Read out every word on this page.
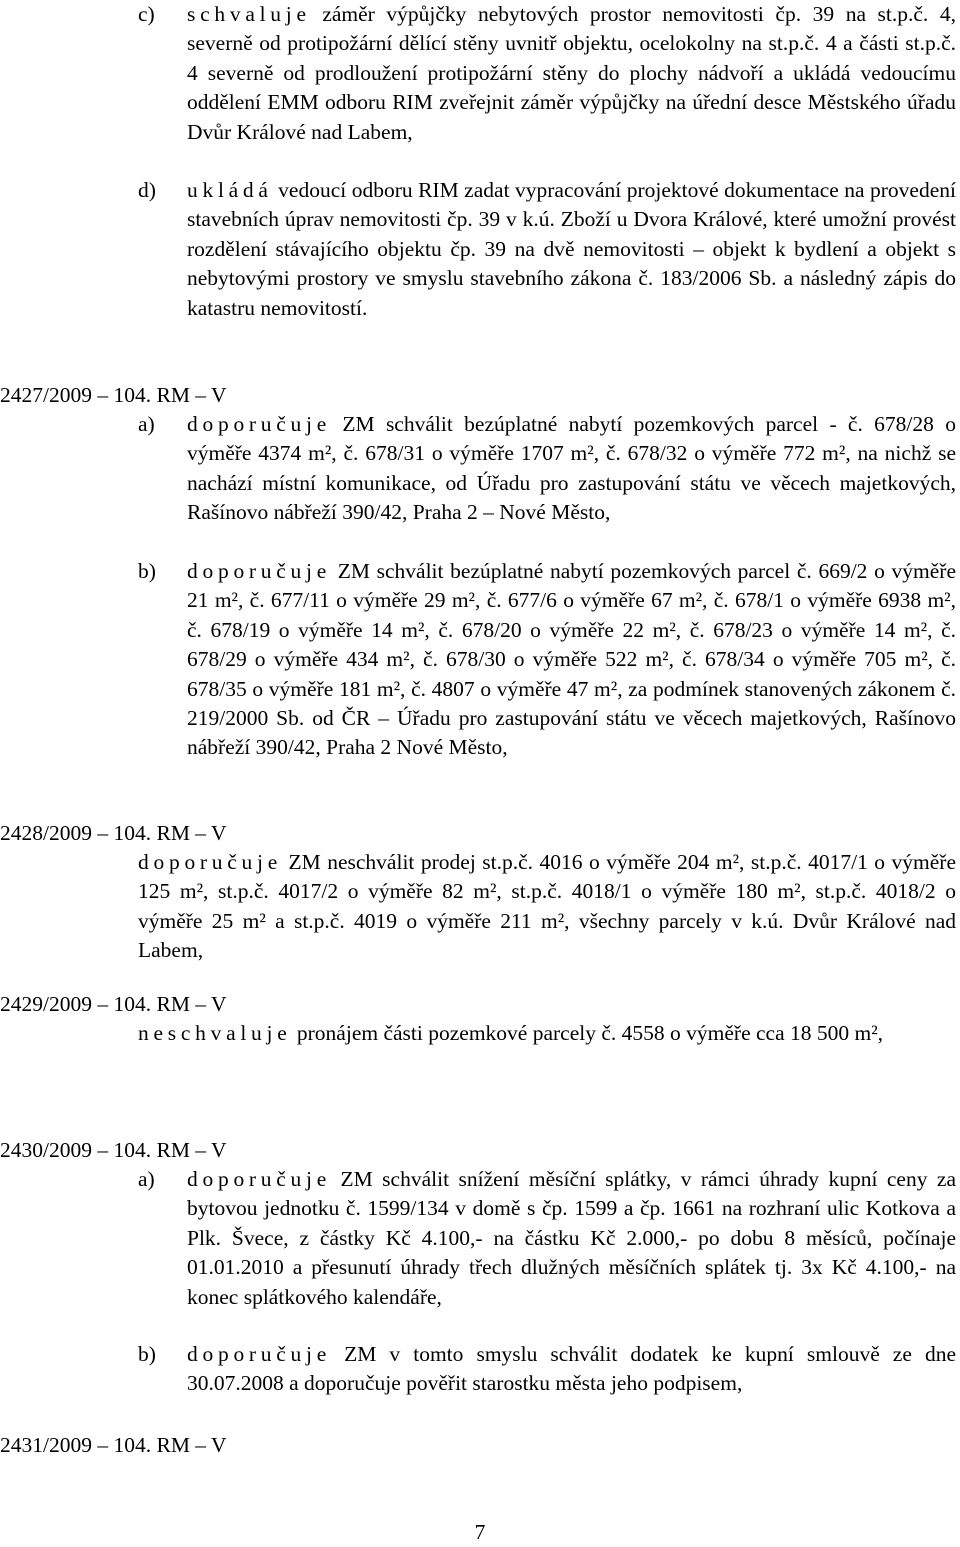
c) schvaluje záměr výpůjčky nebytových prostor nemovitosti čp. 39 na st.p.č. 4, severně od protipožární dělící stěny uvnitř objektu, ocelokolny na st.p.č. 4 a části st.p.č. 4 severně od prodloužení protipožární stěny do plochy nádvoří a ukládá vedoucímu oddělení EMM odboru RIM zveřejnit záměr výpůjčky na úřední desce Městského úřadu Dvůr Králové nad Labem,
d) ukládá vedoucí odboru RIM zadat vypracování projektové dokumentace na provedení stavebních úprav nemovitosti čp. 39 v k.ú. Zboží u Dvora Králové, které umožní provést rozdělení stávajícího objektu čp. 39 na dvě nemovitosti – objekt k bydlení a objekt s nebytovými prostory ve smyslu stavebního zákona č. 183/2006 Sb. a následný zápis do katastru nemovitostí.
2427/2009 – 104. RM – V
a) doporučuje ZM schválit bezúplatné nabytí pozemkových parcel - č. 678/28 o výměře 4374 m², č. 678/31 o výměře 1707 m², č. 678/32 o výměře 772 m², na nichž se nachází místní komunikace, od Úřadu pro zastupování státu ve věcech majetkových, Rašínovo nábřeží 390/42, Praha 2 – Nové Město,
b) doporučuje ZM schválit bezúplatné nabytí pozemkových parcel č. 669/2 o výměře 21 m², č. 677/11 o výměře 29 m², č. 677/6 o výměře 67 m², č. 678/1 o výměře 6938 m², č. 678/19 o výměře 14 m², č. 678/20 o výměře 22 m², č. 678/23 o výměře 14 m², č. 678/29 o výměře 434 m², č. 678/30 o výměře 522 m², č. 678/34 o výměře 705 m², č. 678/35 o výměře 181 m², č. 4807 o výměře 47 m², za podmínek stanovených zákonem č. 219/2000 Sb. od ČR – Úřadu pro zastupování státu ve věcech majetkových, Rašínovo nábřeží 390/42, Praha 2 Nové Město,
2428/2009 – 104. RM – V
doporučuje ZM neschválit prodej st.p.č. 4016 o výměře 204 m², st.p.č. 4017/1 o výměře 125 m², st.p.č. 4017/2 o výměře 82 m², st.p.č. 4018/1 o výměře 180 m², st.p.č. 4018/2 o výměře 25 m² a st.p.č. 4019 o výměře 211 m², všechny parcely v k.ú. Dvůr Králové nad Labem,
2429/2009 – 104. RM – V
neschvaluje pronájem části pozemkové parcely č. 4558 o výměře cca 18 500 m²,
2430/2009 – 104. RM – V
a) doporučuje ZM schválit snížení měsíční splátky, v rámci úhrady kupní ceny za bytovou jednotku č. 1599/134 v domě s čp. 1599 a čp. 1661 na rozhraní ulic Kotkova a Plk. Švece, z částky Kč 4.100,- na částku Kč 2.000,- po dobu 8 měsíců, počínaje 01.01.2010 a přesunutí úhrady třech dlužných měsíčních splátek tj. 3x Kč 4.100,- na konec splátkového kalendáře,
b) doporučuje ZM v tomto smyslu schválit dodatek ke kupní smlouvě ze dne 30.07.2008 a doporučuje pověřit starostku města jeho podpisem,
2431/2009 – 104. RM – V
7
